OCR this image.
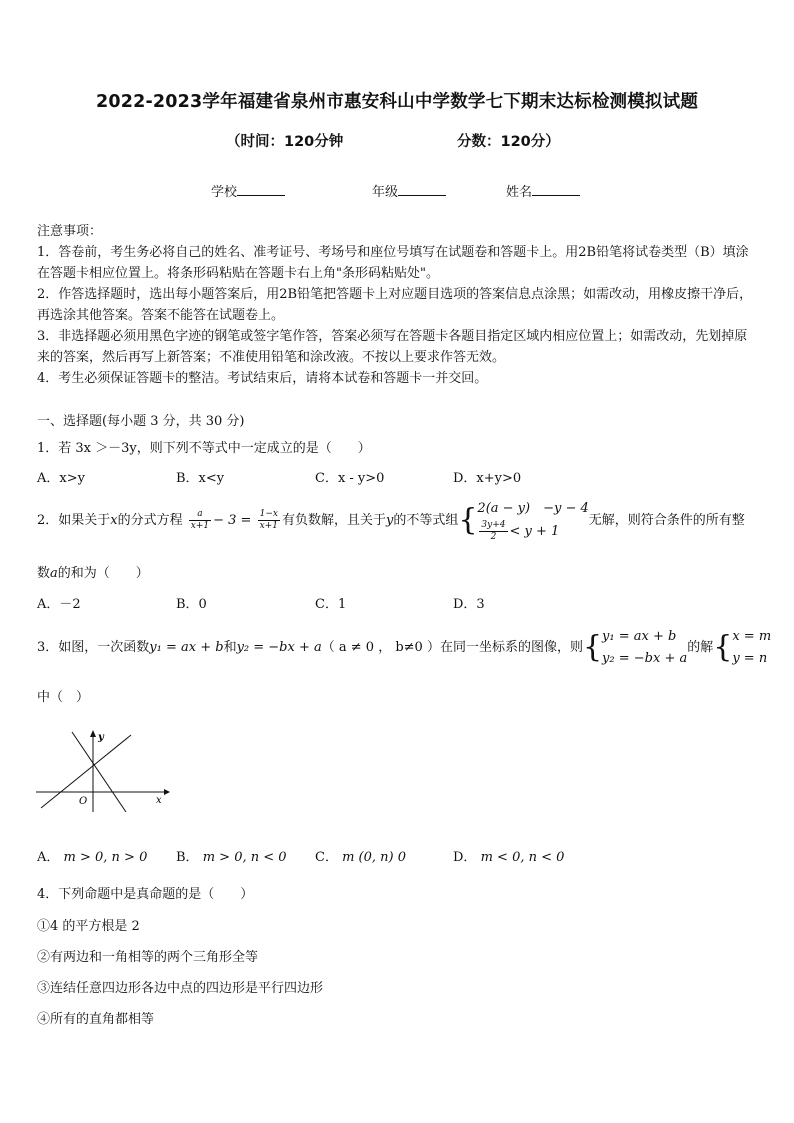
2022-2023学年福建省泉州市惠安科山中学数学七下期末达标检测模拟试题
（时间：120分钟	分数：120分）
学校	年级	姓名
注意事项：
1．答卷前，考生务必将自己的姓名、准考证号、考场号和座位号填写在试题卷和答题卡上。用2B铅笔将试卷类型（B）填涂在答题卡相应位置上。将条形码粘贴在答题卡右上角"条形码粘贴处"。
2．作答选择题时，选出每小题答案后，用2B铅笔把答题卡上对应题目选项的答案信息点涂黑；如需改动，用橡皮擦干净后，再选涂其他答案。答案不能答在试题卷上。
3．非选择题必须用黑色字迹的钢笔或签字笔作答，答案必须写在答题卡各题目指定区域内相应位置上；如需改动，先划掉原来的答案，然后再写上新答案；不准使用铅笔和涂改液。不按以上要求作答无效。
4．考生必须保证答题卡的整洁。考试结束后，请将本试卷和答题卡一并交回。
一、选择题(每小题 3 分，共 30 分)
1．若 3x ＞－3y，则下列不等式中一定成立的是（　　）
A．x>y	B．x<y	C．x - y>0	D．x+y>0
2．如果关于x的分式方程 $\frac{a}{x+1} - 3 = \frac{1-x}{x+1}$ 有负数解，且关于y的不等式组{ 2(a − y)　−y − 4
$\frac{3y+4}{2} < y + 1$
无解，则符合条件的所有整
数a的和为（　　）
A．－2	B．0	C．1	D．3
3．如图，一次函数y₁ = ax + b和y₂ = −bx + a（ a ≠ 0 ， b≠0 ）在同一坐标系的图像，则{ y₁ = ax + b
y₂ = −bx + a
的解{ x = m
y = n
中（　）
x
y
O
A． m > 0, n > 0 B． m > 0, n < 0 C． m (0, n) 0	D． m < 0, n < 0
4．下列命题中是真命题的是（　　）
①4 的平方根是 2
②有两边和一角相等的两个三角形全等
③连结任意四边形各边中点的四边形是平行四边形
④所有的直角都相等
